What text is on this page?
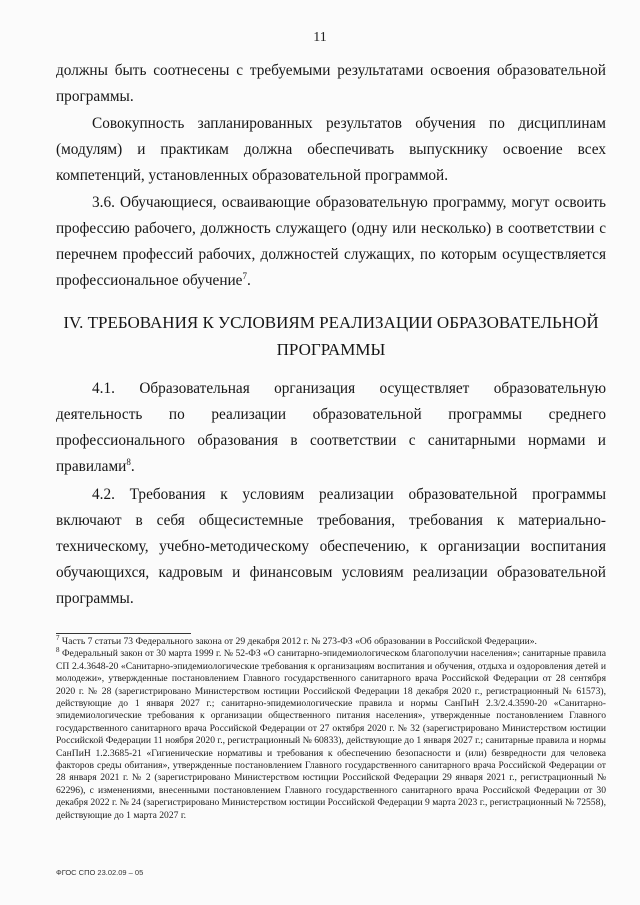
11

должны быть соотнесены с требуемыми результатами освоения образовательной программы.

Совокупность запланированных результатов обучения по дисциплинам (модулям) и практикам должна обеспечивать выпускнику освоение всех компетенций, установленных образовательной программой.

3.6. Обучающиеся, осваивающие образовательную программу, могут освоить профессию рабочего, должность служащего (одну или несколько) в соответствии с перечнем профессий рабочих, должностей служащих, по которым осуществляется профессиональное обучение$^7$.

IV. ТРЕБОВАНИЯ К УСЛОВИЯМ РЕАЛИЗАЦИИ ОБРАЗОВАТЕЛЬНОЙ
ПРОГРАММЫ

4.1. Образовательная организация осуществляет образовательную деятельность по реализации образовательной программы среднего профессионального образования в соответствии с санитарными нормами и правилами$^8$.

4.2. Требования к условиям реализации образовательной программы включают в себя общесистемные требования, требования к материально-техническому, учебно-методическому обеспечению, к организации воспитания обучающихся, кадровым и финансовым условиям реализации образовательной программы.

$^7$ Часть 7 статьи 73 Федерального закона от 29 декабря 2012 г. № 273-ФЗ «Об образовании в Российской Федерации».

$^8$ Федеральный закон от 30 марта 1999 г. № 52-ФЗ «О санитарно-эпидемиологическом благополучии населения»; санитарные правила СП 2.4.3648-20 «Санитарно-эпидемиологические требования к организациям воспитания и обучения, отдыха и оздоровления детей и молодежи», утвержденные постановлением Главного государственного санитарного врача Российской Федерации от 28 сентября 2020 г. № 28 (зарегистрировано Министерством юстиции Российской Федерации 18 декабря 2020 г., регистрационный № 61573), действующие до 1 января 2027 г.; санитарно-эпидемиологические правила и нормы СанПиН 2.3/2.4.3590-20 «Санитарно-эпидемиологические требования к организации общественного питания населения», утвержденные постановлением Главного государственного санитарного врача Российской Федерации от 27 октября 2020 г. № 32 (зарегистрировано Министерством юстиции Российской Федерации 11 ноября 2020 г., регистрационный № 60833), действующие до 1 января 2027 г.; санитарные правила и нормы СанПиН 1.2.3685-21 «Гигиенические нормативы и требования к обеспечению безопасности и (или) безвредности для человека факторов среды обитания», утвержденные постановлением Главного государственного санитарного врача Российской Федерации от 28 января 2021 г. № 2 (зарегистрировано Министерством юстиции Российской Федерации 29 января 2021 г., регистрационный № 62296), с изменениями, внесенными постановлением Главного государственного санитарного врача Российской Федерации от 30 декабря 2022 г. № 24 (зарегистрировано Министерством юстиции Российской Федерации 9 марта 2023 г., регистрационный № 72558), действующие до 1 марта 2027 г.

ФГОС СПО 23.02.09 – 05
